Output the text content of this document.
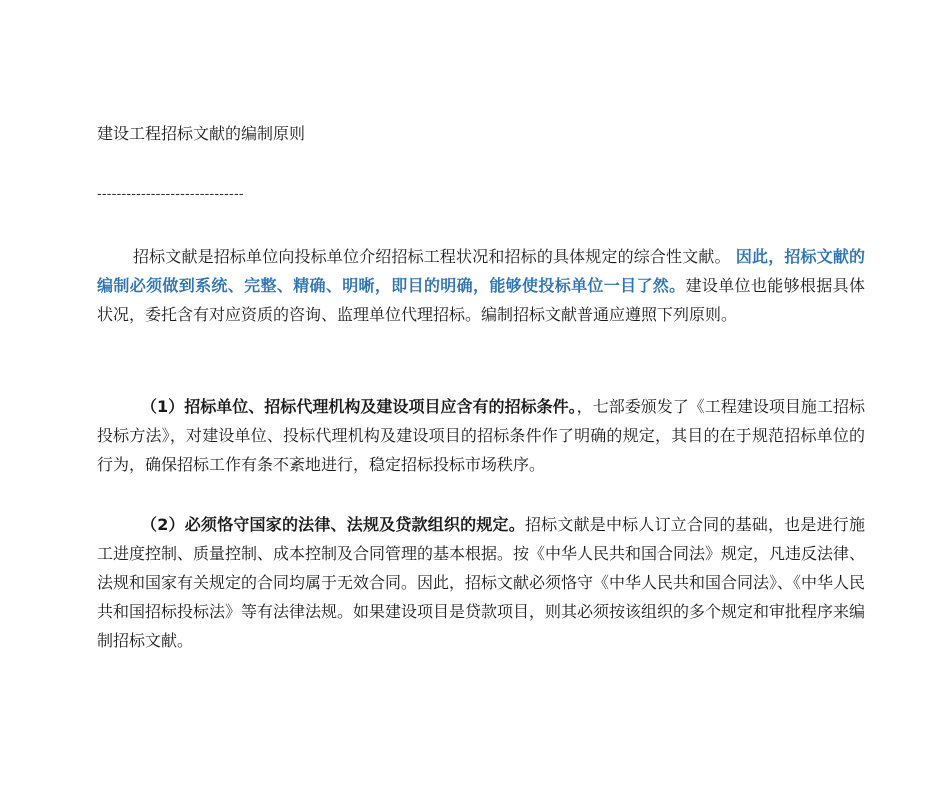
建设工程招标文献的编制原则
------------------------------

招标文献是招标单位向投标单位介绍招标工程状况和招标的具体规定的综合性文献。 因此，招标文献的编制必须做到系统、完整、精确、明晰，即目的明确，能够使投标单位一目了然。建设单位也能够根据具体状况，委托含有对应资质的咨询、监理单位代理招标。编制招标文献普通应遵照下列原则。

（1）招标单位、招标代理机构及建设项目应含有的招标条件。，七部委颁发了《工程建设项目施工招标投标方法》，对建设单位、投标代理机构及建设项目的招标条件作了明确的规定，其目的在于规范招标单位的行为，确保招标工作有条不紊地进行，稳定招标投标市场秩序。

（2）必须恪守国家的法律、法规及贷款组织的规定。招标文献是中标人订立合同的基础，也是进行施工进度控制、质量控制、成本控制及合同管理的基本根据。按《中华人民共和国合同法》规定，凡违反法律、法规和国家有关规定的合同均属于无效合同。因此，招标文献必须恪守《中华人民共和国合同法》、《中华人民共和国招标投标法》等有法律法规。如果建设项目是贷款项目，则其必须按该组织的多个规定和审批程序来编制招标文献。
